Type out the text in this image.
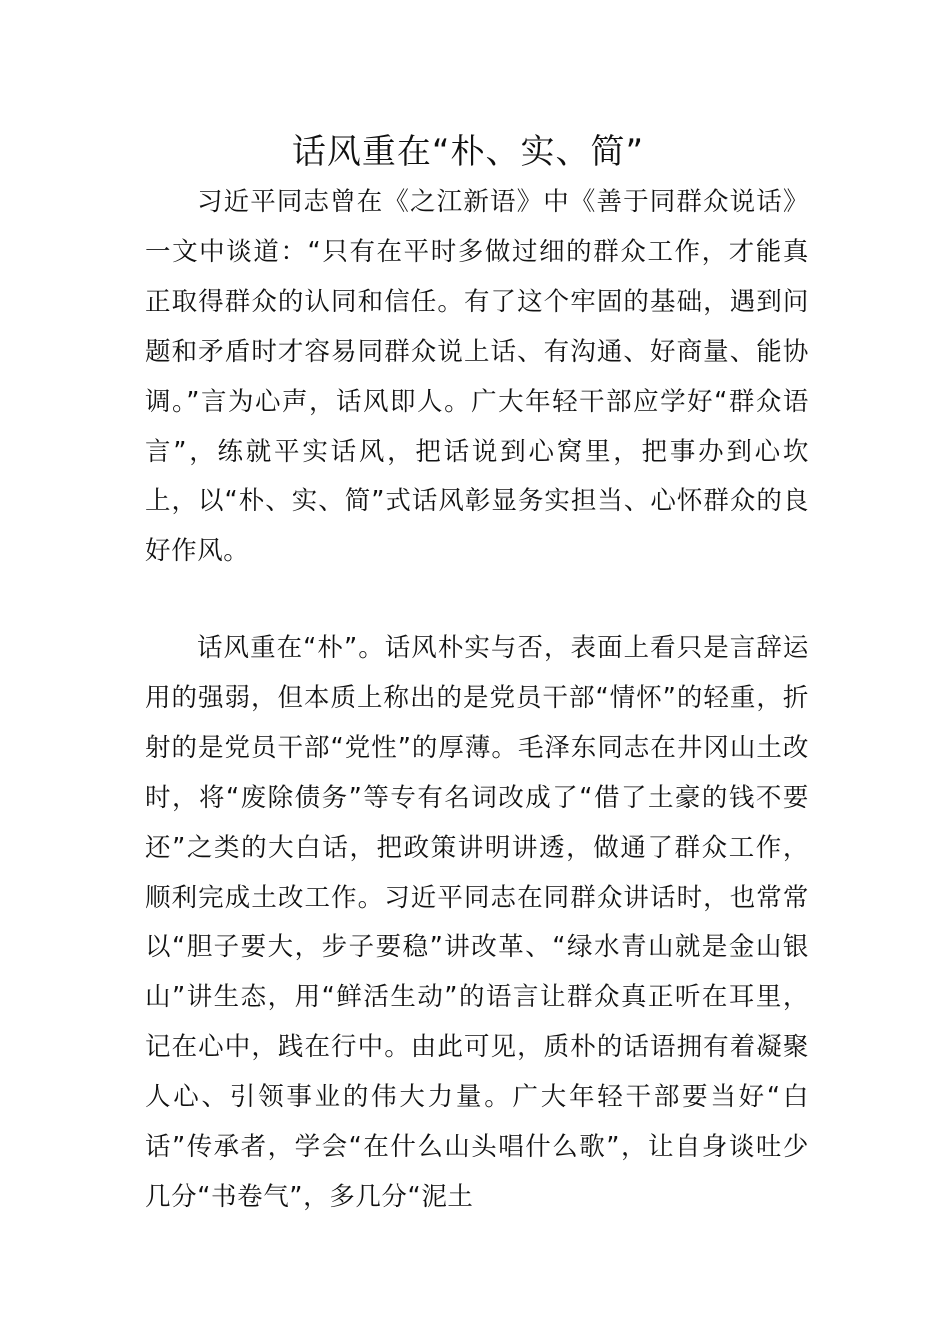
话风重在“朴、实、简”

习近平同志曾在《之江新语》中《善于同群众说话》一文中谈道：“只有在平时多做过细的群众工作，才能真正取得群众的认同和信任。有了这个牢固的基础，遇到问题和矛盾时才容易同群众说上话、有沟通、好商量、能协调。”言为心声，话风即人。广大年轻干部应学好“群众语言”，练就平实话风，把话说到心窝里，把事办到心坎上，以“朴、实、简”式话风彰显务实担当、心怀群众的良好作风。

话风重在“朴”。话风朴实与否，表面上看只是言辞运用的强弱，但本质上称出的是党员干部“情怀”的轻重，折射的是党员干部“党性”的厚薄。毛泽东同志在井冈山土改时，将“废除债务”等专有名词改成了“借了土豪的钱不要还”之类的大白话，把政策讲明讲透，做通了群众工作，顺利完成土改工作。习近平同志在同群众讲话时，也常常以“胆子要大，步子要稳”讲改革、“绿水青山就是金山银山”讲生态，用“鲜活生动”的语言让群众真正听在耳里，记在心中，践在行中。由此可见，质朴的话语拥有着凝聚人心、引领事业的伟大力量。广大年轻干部要当好“白话”传承者，学会“在什么山头唱什么歌”，让自身谈吐少几分“书卷气”，多几分“泥土
